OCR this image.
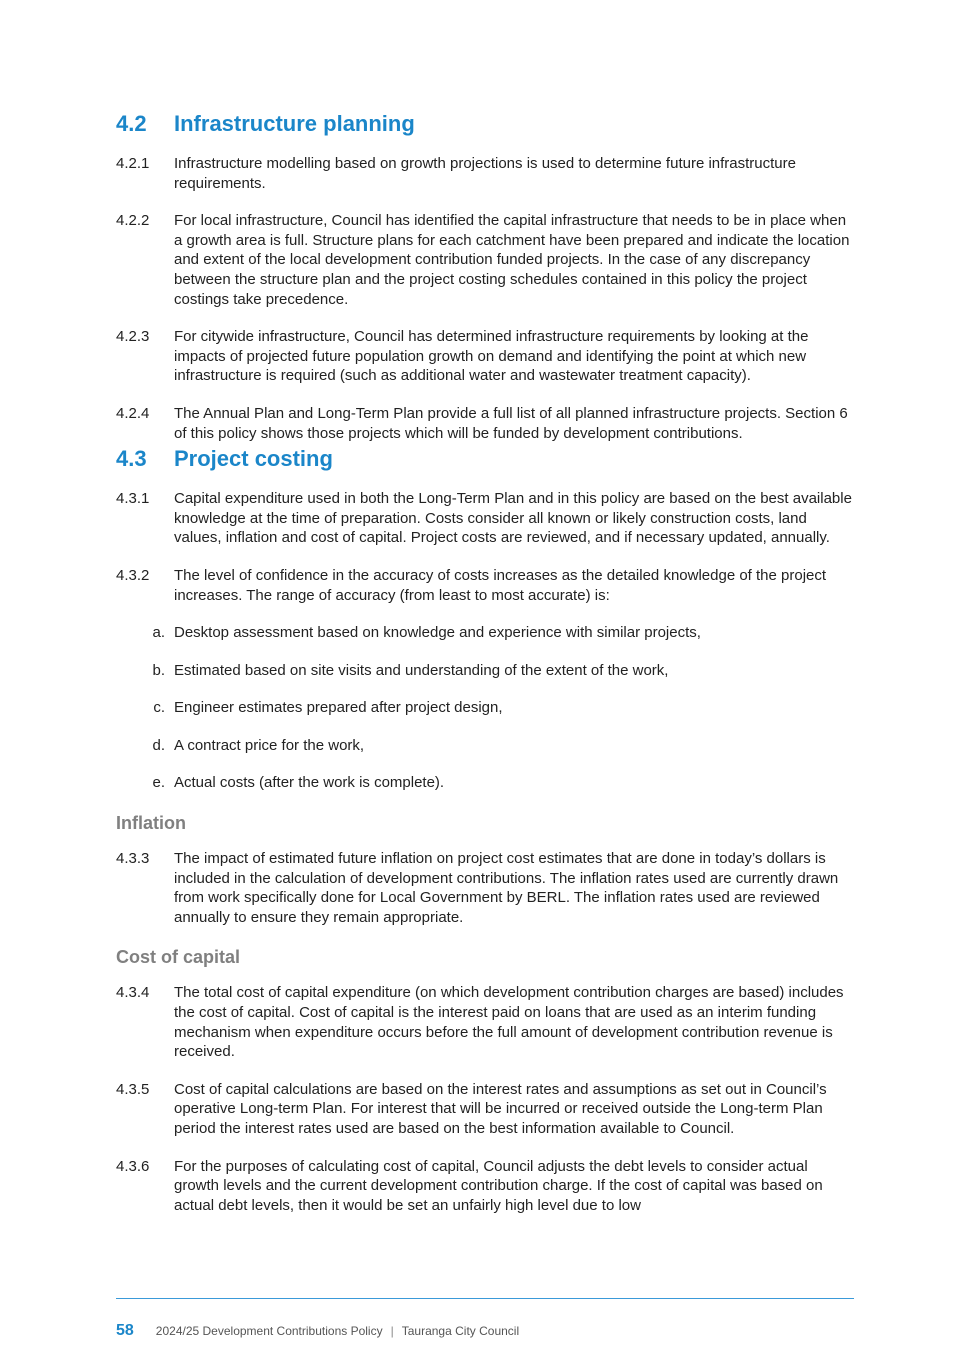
4.2	Infrastructure planning
4.2.1	Infrastructure modelling based on growth projections is used to determine future infrastructure requirements.
4.2.2	For local infrastructure, Council has identified the capital infrastructure that needs to be in place when a growth area is full. Structure plans for each catchment have been prepared and indicate the location and extent of the local development contribution funded projects. In the case of any discrepancy between the structure plan and the project costing schedules contained in this policy the project costings take precedence.
4.2.3	For citywide infrastructure, Council has determined infrastructure requirements by looking at the impacts of projected future population growth on demand and identifying the point at which new infrastructure is required (such as additional water and wastewater treatment capacity).
4.2.4	The Annual Plan and Long-Term Plan provide a full list of all planned infrastructure projects. Section 6 of this policy shows those projects which will be funded by development contributions.
4.3	Project costing
4.3.1	Capital expenditure used in both the Long-Term Plan and in this policy are based on the best available knowledge at the time of preparation. Costs consider all known or likely construction costs, land values, inflation and cost of capital. Project costs are reviewed, and if necessary updated, annually.
4.3.2	The level of confidence in the accuracy of costs increases as the detailed knowledge of the project increases. The range of accuracy (from least to most accurate) is:
a. Desktop assessment based on knowledge and experience with similar projects,
b. Estimated based on site visits and understanding of the extent of the work,
c. Engineer estimates prepared after project design,
d. A contract price for the work,
e. Actual costs (after the work is complete).
Inflation
4.3.3	The impact of estimated future inflation on project cost estimates that are done in today’s dollars is included in the calculation of development contributions. The inflation rates used are currently drawn from work specifically done for Local Government by BERL. The inflation rates used are reviewed annually to ensure they remain appropriate.
Cost of capital
4.3.4	The total cost of capital expenditure (on which development contribution charges are based) includes the cost of capital. Cost of capital is the interest paid on loans that are used as an interim funding mechanism when expenditure occurs before the full amount of development contribution revenue is received.
4.3.5	Cost of capital calculations are based on the interest rates and assumptions as set out in Council’s operative Long-term Plan. For interest that will be incurred or received outside the Long-term Plan period the interest rates used are based on the best information available to Council.
4.3.6	For the purposes of calculating cost of capital, Council adjusts the debt levels to consider actual growth levels and the current development contribution charge. If the cost of capital was based on actual debt levels, then it would be set an unfairly high level due to low
58 2024/25 Development Contributions Policy | Tauranga City Council
